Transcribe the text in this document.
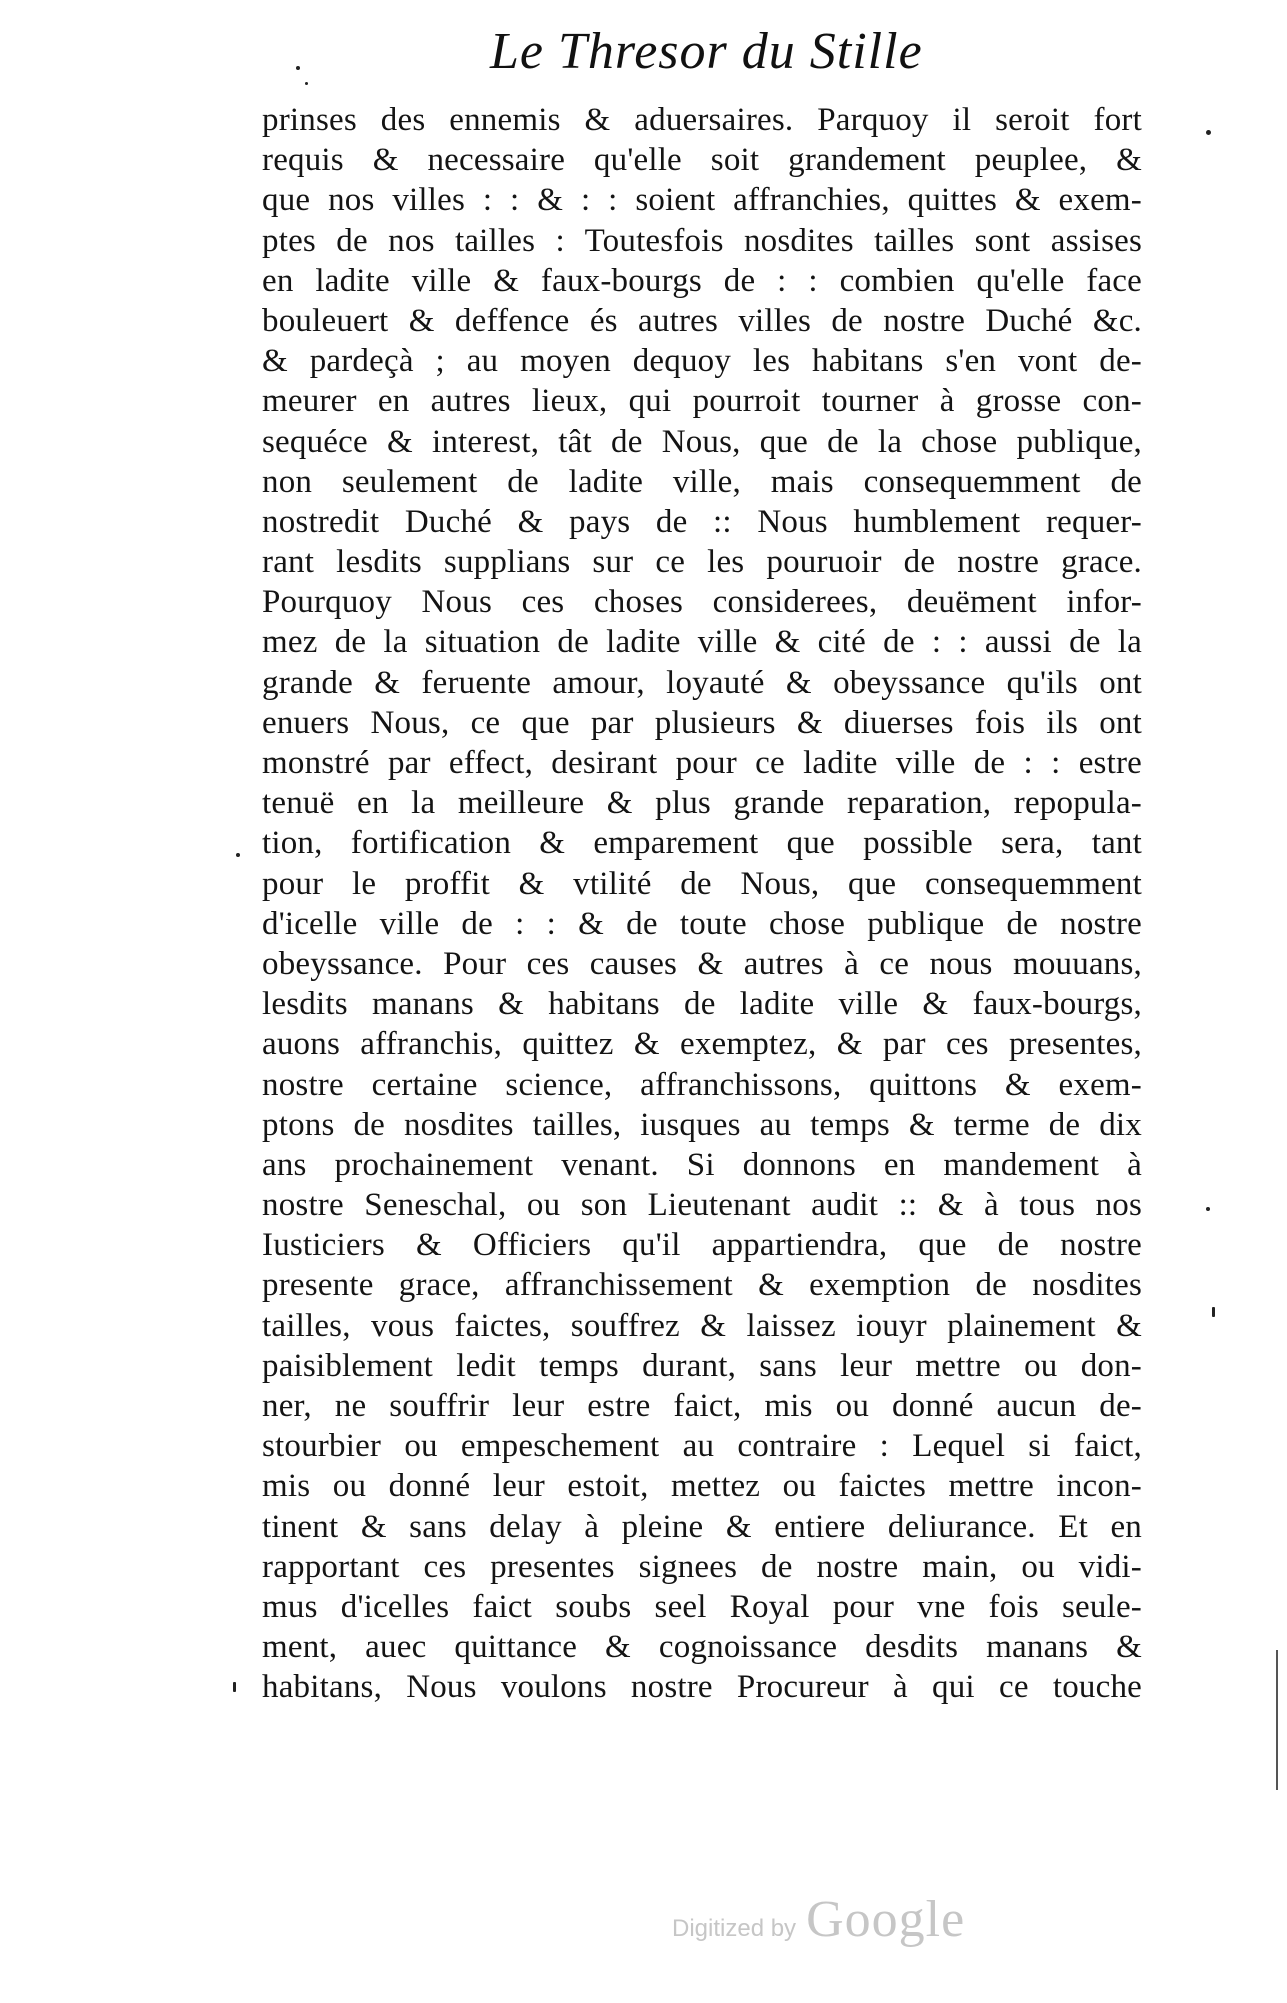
Le Thresor du Stille
prinses des ennemis & aduersaires. Parquoy il seroit fort
requis & necessaire qu'elle soit grandement peuplee, &
que nos villes : : & : : soient affranchies, quittes & exem-
ptes de nos tailles : Toutesfois nosdites tailles sont assises
en ladite ville & faux-bourgs de : : combien qu'elle face
bouleuert & deffence és autres villes de nostre Duché &c.
& pardeçà ; au moyen dequoy les habitans s'en vont de-
meurer en autres lieux, qui pourroit tourner à grosse con-
sequéce & interest, tât de Nous, que de la chose publique,
non seulement de ladite ville, mais consequemment de
nostredit Duché & pays de :: Nous humblement requer-
rant lesdits supplians sur ce les pouruoir de nostre grace.
Pourquoy Nous ces choses considerees, deuëment infor-
mez de la situation de ladite ville & cité de : : aussi de la
grande & feruente amour, loyauté & obeyssance qu'ils ont
enuers Nous, ce que par plusieurs & diuerses fois ils ont
monstré par effect, desirant pour ce ladite ville de : : estre
tenuë en la meilleure & plus grande reparation, repopula-
tion, fortification & emparement que possible sera, tant
pour le proffit & vtilité de Nous, que consequemment
d'icelle ville de : : & de toute chose publique de nostre
obeyssance. Pour ces causes & autres à ce nous mouuans,
lesdits manans & habitans de ladite ville & faux-bourgs,
auons affranchis, quittez & exemptez, & par ces presentes,
nostre certaine science, affranchissons, quittons & exem-
ptons de nosdites tailles, iusques au temps & terme de dix
ans prochainement venant. Si donnons en mandement à
nostre Seneschal, ou son Lieutenant audit :: & à tous nos
Iusticiers & Officiers qu'il appartiendra, que de nostre
presente grace, affranchissement & exemption de nosdites
tailles, vous faictes, souffrez & laissez iouyr plainement &
paisiblement ledit temps durant, sans leur mettre ou don-
ner, ne souffrir leur estre faict, mis ou donné aucun de-
stourbier ou empeschement au contraire : Lequel si faict,
mis ou donné leur estoit, mettez ou faictes mettre incon-
tinent & sans delay à pleine & entiere deliurance. Et en
rapportant ces presentes signees de nostre main, ou vidi-
mus d'icelles faict soubs seel Royal pour vne fois seule-
ment, auec quittance & cognoissance desdits manans &
habitans, Nous voulons nostre Procureur à qui ce touche
Digitized by Google
